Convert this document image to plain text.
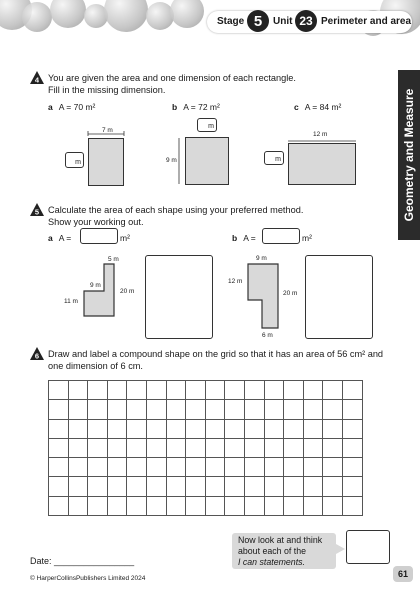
Stage 5	Unit 23 Perimeter and area
Geometry and Measure
4 You are given the area and one dimension of each rectangle.
Fill in the missing dimension.
a A = 70 m²	b A = 72 m²	c A = 84 m²
7 m
m
m
9 m
12 m
m
5 Calculate the area of each shape using your preferred method.
Show your working out.
a A =	m²	b A =	m²
5 m
9 m
20 m
11 m
9 m
12 m
20 m
6 m
6 Draw and label a compound shape on the grid so that it has an area of 56 cm² and
one dimension of 6 cm.

Date: ________________
Now look at and think
about each of the
I can statements.
© HarperCollinsPublishers Limited 2024	61
